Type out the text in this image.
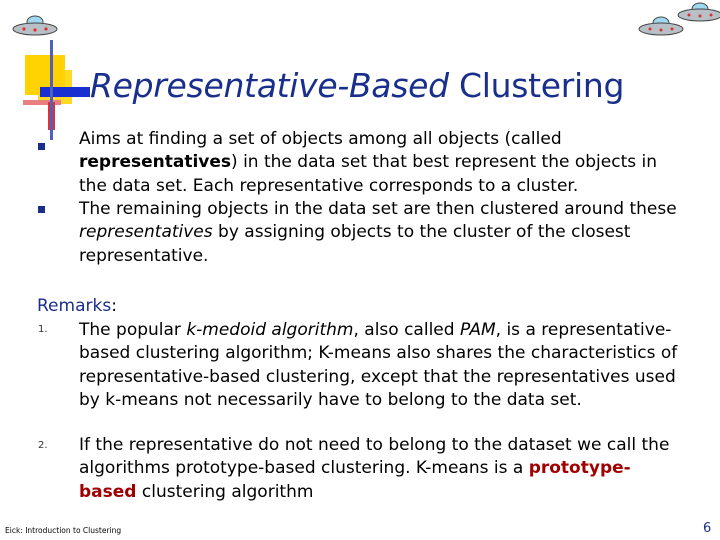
Representative-Based Clustering
Aims at finding a set of objects among all objects (called representatives) in the data set that best represent the objects in the data set. Each representative corresponds to a cluster.
The remaining objects in the data set are then clustered around these representatives by assigning objects to the cluster of the closest representative.
Remarks:
1. The popular k-medoid algorithm, also called PAM, is a representative-based clustering algorithm; K-means also shares the characteristics of representative-based clustering, except that the representatives used by k-means not necessarily have to belong to the data set.
2. If the representative do not need to belong to the dataset we call the algorithms prototype-based clustering. K-means is a prototype-based clustering algorithm
Eick: Introduction to Clustering	6
